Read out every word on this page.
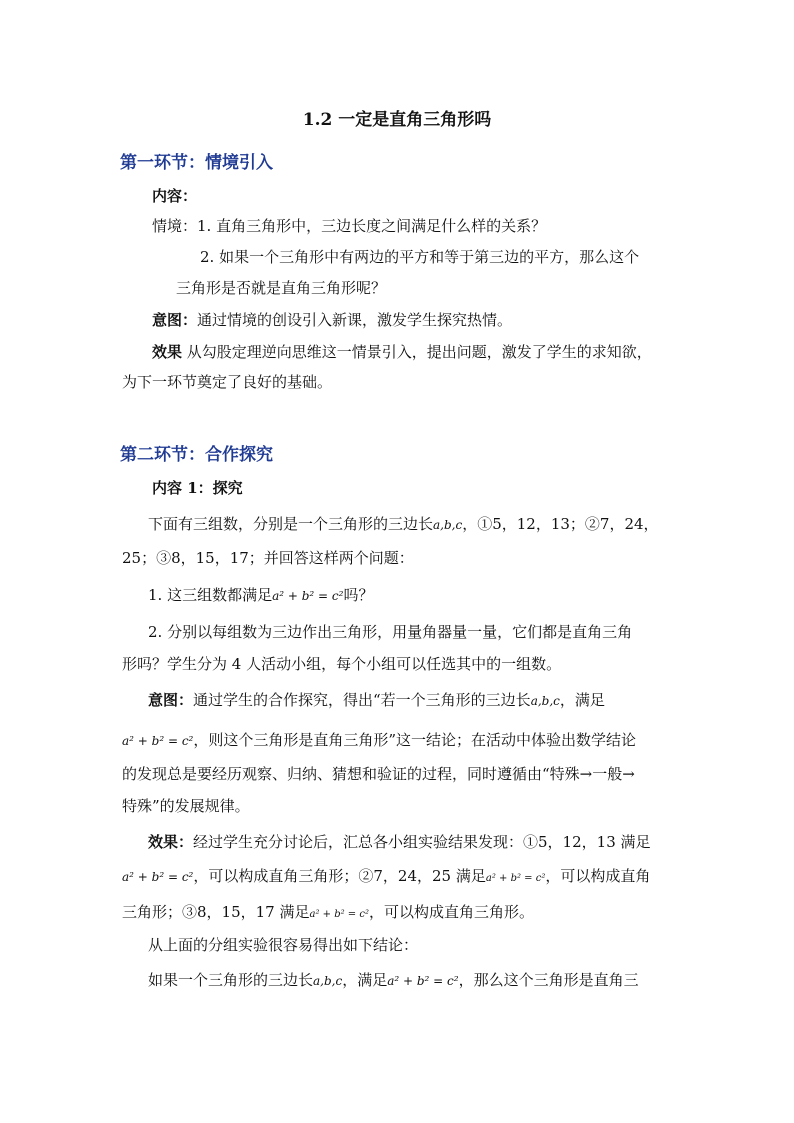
1.2 一定是直角三角形吗
第一环节：情境引入
内容：
情境：1. 直角三角形中，三边长度之间满足什么样的关系？
2. 如果一个三角形中有两边的平方和等于第三边的平方，那么这个
三角形是否就是直角三角形呢？
意图：通过情境的创设引入新课，激发学生探究热情。
效果 从勾股定理逆向思维这一情景引入，提出问题，激发了学生的求知欲，
为下一环节奠定了良好的基础。
第二环节：合作探究
内容 1：探究
下面有三组数，分别是一个三角形的三边长a,b,c，①5，12，13；②7，24，
25；③8，15，17；并回答这样两个问题：
1. 这三组数都满足a² + b² = c²吗？
2. 分别以每组数为三边作出三角形，用量角器量一量，它们都是直角三角
形吗？学生分为 4 人活动小组，每个小组可以任选其中的一组数。
意图：通过学生的合作探究，得出“若一个三角形的三边长a,b,c，满足
a² + b² = c²，则这个三角形是直角三角形”这一结论；在活动中体验出数学结论
的发现总是要经历观察、归纳、猜想和验证的过程，同时遵循由“特殊→一般→
特殊”的发展规律。
效果：经过学生充分讨论后，汇总各小组实验结果发现：①5，12，13 满足
a² + b² = c²，可以构成直角三角形；②7，24，25 满足a² + b² = c²，可以构成直角
三角形；③8，15，17 满足a² + b² = c²，可以构成直角三角形。
从上面的分组实验很容易得出如下结论：
如果一个三角形的三边长a,b,c，满足a² + b² = c²，那么这个三角形是直角三
